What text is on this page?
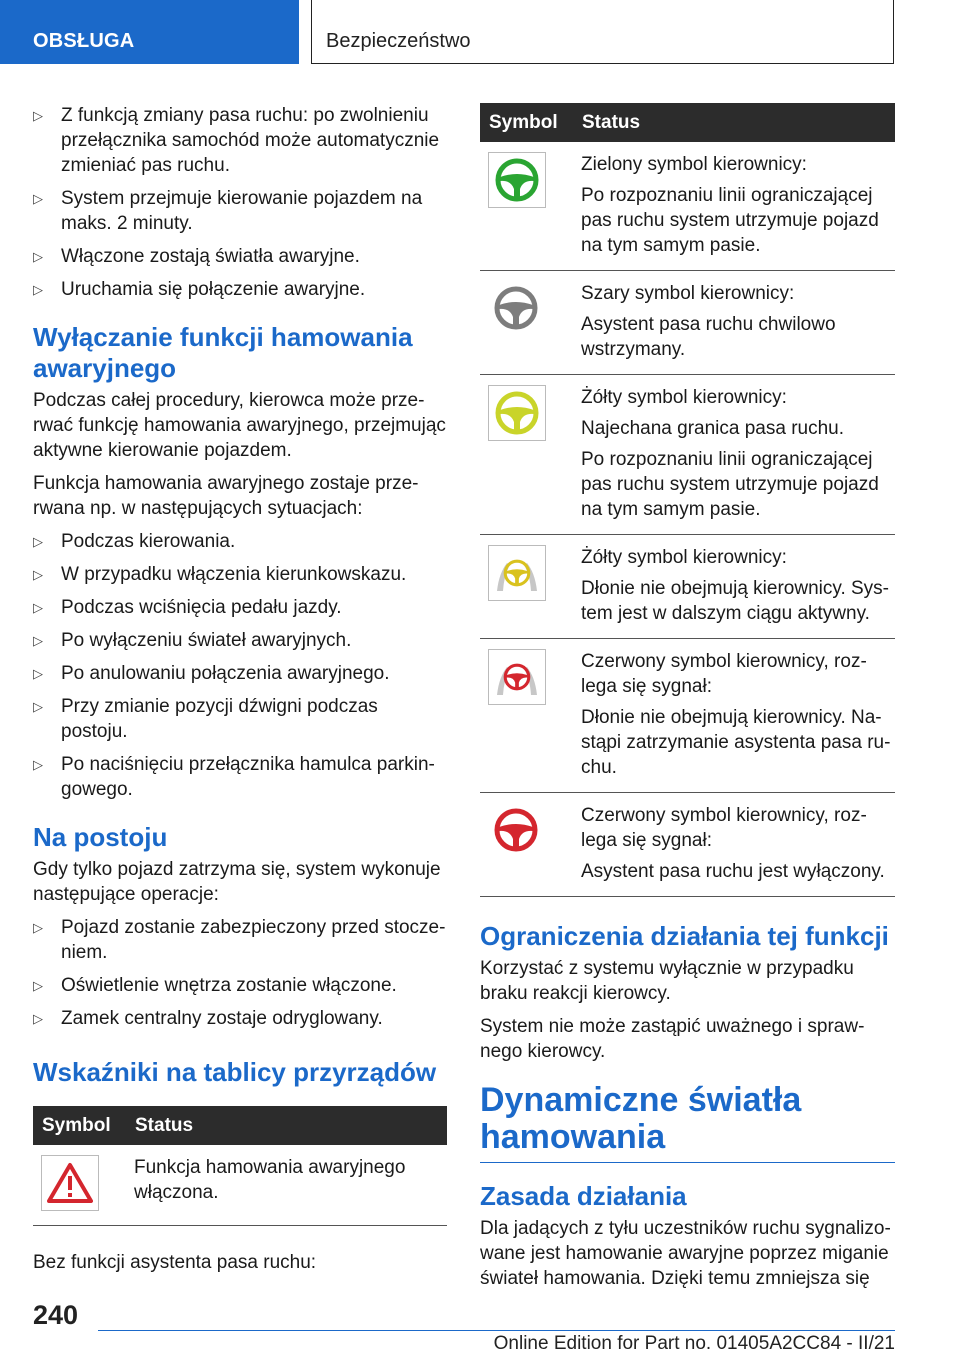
OBSŁUGA	Bezpieczeństwo
▷ Z funkcją zmiany pasa ruchu: po zwolnieniu przełącznika samochód może automatycznie zmieniać pas ruchu.
▷ System przejmuje kierowanie pojazdem na maks. 2 minuty.
▷ Włączone zostają światła awaryjne.
▷ Uruchamia się połączenie awaryjne.
Wyłączanie funkcji hamowania awaryjnego

Podczas całej procedury, kierowca może przerwać funkcję hamowania awaryjnego, przejmując aktywne kierowanie pojazdem.

Funkcja hamowania awaryjnego zostaje przerwana np. w następujących sytuacjach:

▷ Podczas kierowania.
▷ W przypadku włączenia kierunkowskazu.
▷ Podczas wciśnięcia pedału jazdy.
▷ Po wyłączeniu świateł awaryjnych.
▷ Po anulowaniu połączenia awaryjnego.
▷ Przy zmianie pozycji dźwigni podczas postoju.
▷ Po naciśnięciu przełącznika hamulca parkingowego.
Na postoju

Gdy tylko pojazd zatrzyma się, system wykonuje następujące operacje:

▷ Pojazd zostanie zabezpieczony przed stoczeniem.
▷ Oświetlenie wnętrza zostanie włączone.
▷ Zamek centralny zostaje odryglowany.
Wskaźniki na tablicy przyrządów
Symbol	Status

Funkcja hamowania awaryjnego włączona.

Bez funkcji asystenta pasa ruchu:

Symbol	Status

Zielony symbol kierownicy:

Po rozpoznaniu linii ograniczającej pas ruchu system utrzymuje pojazd na tym samym pasie.

Szary symbol kierownicy:

Asystent pasa ruchu chwilowo wstrzymany.

Żółty symbol kierownicy:

Najechana granica pasa ruchu.

Po rozpoznaniu linii ograniczającej pas ruchu system utrzymuje pojazd na tym samym pasie.

Żółty symbol kierownicy:

Dłonie nie obejmują kierownicy. System jest w dalszym ciągu aktywny.

Czerwony symbol kierownicy, rozlega się sygnał:

Dłonie nie obejmują kierownicy. Nastąpi zatrzymanie asystenta pasa ruchu.

Czerwony symbol kierownicy, rozlega się sygnał:

Asystent pasa ruchu jest wyłączony.

Ograniczenia działania tej funkcji

Korzystać z systemu wyłącznie w przypadku braku reakcji kierowcy.

System nie może zastąpić uważnego i sprawnego kierowcy.

Dynamiczne światła hamowania
Zasada działania

Dla jadących z tyłu uczestników ruchu sygnalizowane jest hamowanie awaryjne poprzez miganie świateł hamowania. Dzięki temu zmniejsza się

240
Online Edition for Part no. 01405A2CC84 - II/21
